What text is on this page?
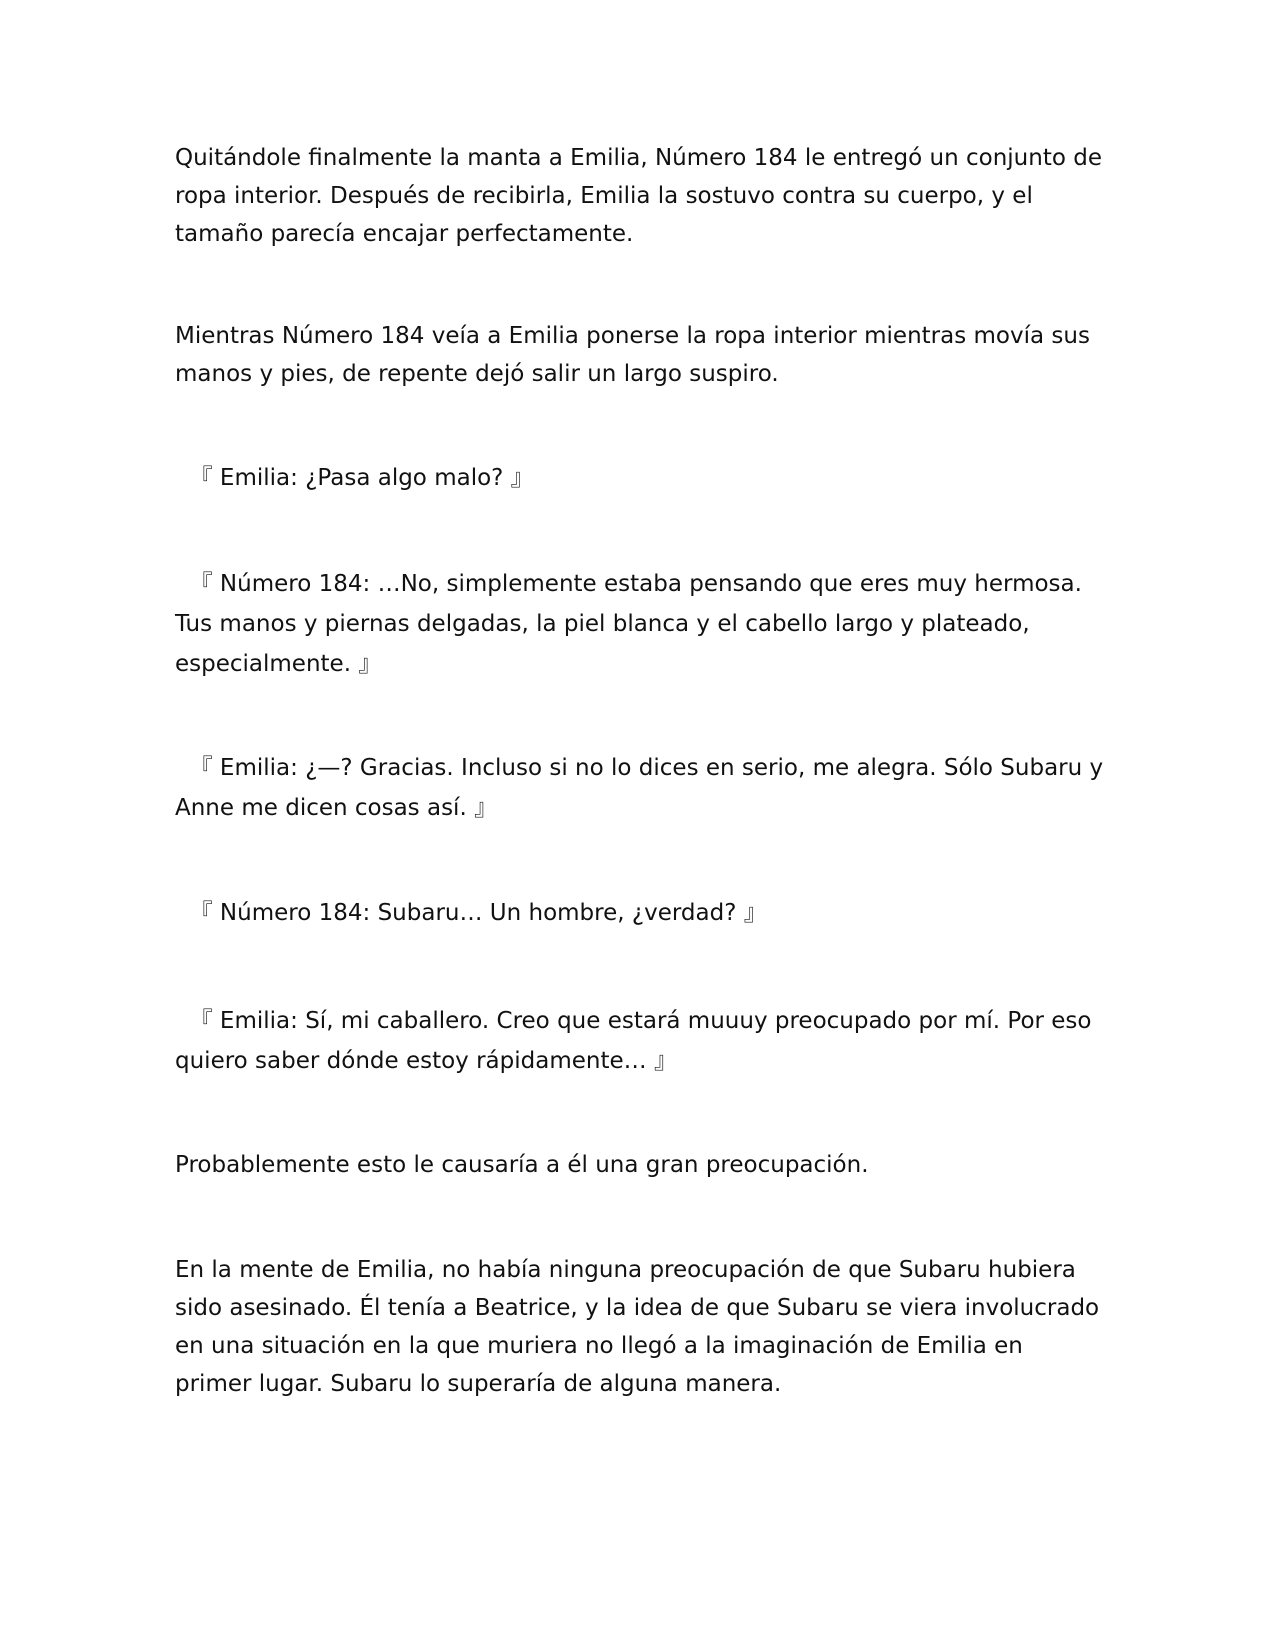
Quitándole finalmente la manta a Emilia, Número 184 le entregó un conjunto de ropa interior. Después de recibirla, Emilia la sostuvo contra su cuerpo, y el tamaño parecía encajar perfectamente.

Mientras Número 184 veía a Emilia ponerse la ropa interior mientras movía sus manos y pies, de repente dejó salir un largo suspiro.

『 Emilia: ¿Pasa algo malo? 』

『 Número 184: …No, simplemente estaba pensando que eres muy hermosa. Tus manos y piernas delgadas, la piel blanca y el cabello largo y plateado, especialmente. 』

『 Emilia: ¿—? Gracias. Incluso si no lo dices en serio, me alegra. Sólo Subaru y Anne me dicen cosas así. 』

『 Número 184: Subaru… Un hombre, ¿verdad? 』

『 Emilia: Sí, mi caballero. Creo que estará muuuy preocupado por mí. Por eso quiero saber dónde estoy rápidamente… 』

Probablemente esto le causaría a él una gran preocupación.

En la mente de Emilia, no había ninguna preocupación de que Subaru hubiera sido asesinado. Él tenía a Beatrice, y la idea de que Subaru se viera involucrado en una situación en la que muriera no llegó a la imaginación de Emilia en primer lugar. Subaru lo superaría de alguna manera.
